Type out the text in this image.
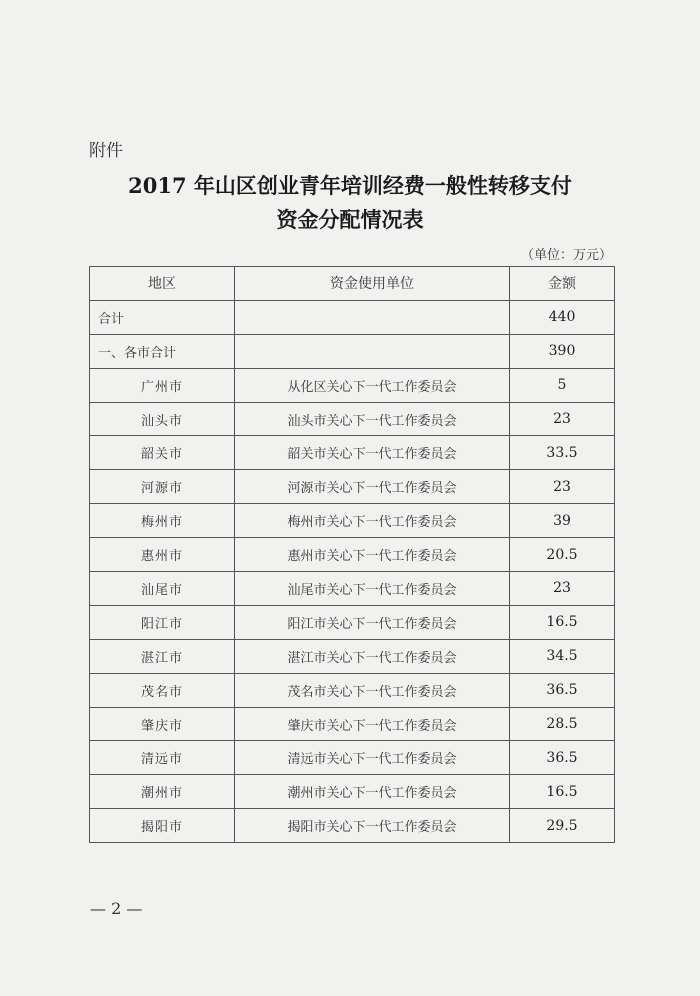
附件
2017 年山区创业青年培训经费一般性转移支付
资金分配情况表
（单位：万元）
地区	资金使用单位	金额
合计		440
一、各市合计		390
广州市	从化区关心下一代工作委员会	5
汕头市	汕头市关心下一代工作委员会	23
韶关市	韶关市关心下一代工作委员会	33.5
河源市	河源市关心下一代工作委员会	23
梅州市	梅州市关心下一代工作委员会	39
惠州市	惠州市关心下一代工作委员会	20.5
汕尾市	汕尾市关心下一代工作委员会	23
阳江市	阳江市关心下一代工作委员会	16.5
湛江市	湛江市关心下一代工作委员会	34.5
茂名市	茂名市关心下一代工作委员会	36.5
肇庆市	肇庆市关心下一代工作委员会	28.5
清远市	清远市关心下一代工作委员会	36.5
潮州市	潮州市关心下一代工作委员会	16.5
揭阳市	揭阳市关心下一代工作委员会	29.5
— 2 —
